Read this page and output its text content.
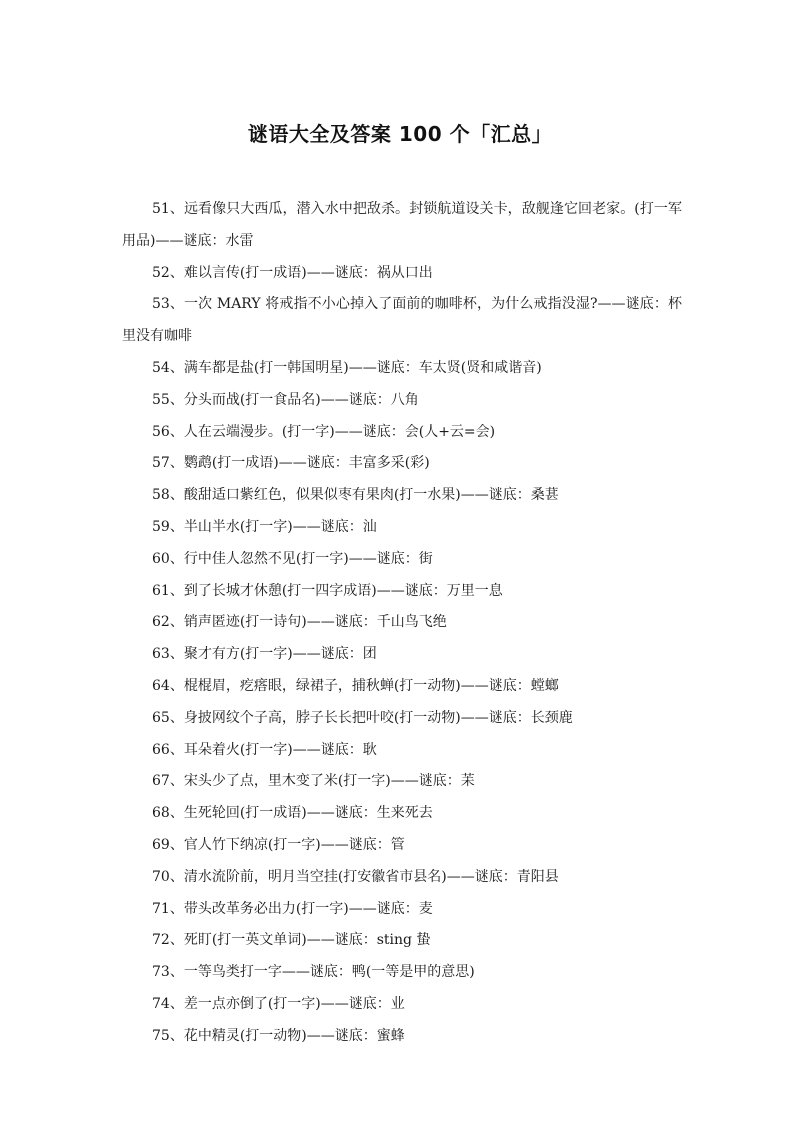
谜语大全及答案 100 个「汇总」

51、远看像只大西瓜，潜入水中把敌杀。封锁航道设关卡，敌舰逢它回老家。(打一军用品)——谜底：水雷

52、难以言传(打一成语)——谜底：祸从口出

53、一次 MARY 将戒指不小心掉入了面前的咖啡杯，为什么戒指没湿?——谜底：杯里没有咖啡

54、满车都是盐(打一韩国明星)——谜底：车太贤(贤和咸谐音)

55、分头而战(打一食品名)——谜底：八角

56、人在云端漫步。(打一字)——谜底：会(人+云=会)

57、鹦鹉(打一成语)——谜底：丰富多采(彩)

58、酸甜适口紫红色，似果似枣有果肉(打一水果)——谜底：桑葚

59、半山半水(打一字)——谜底：汕

60、行中佳人忽然不见(打一字)——谜底：街

61、到了长城才休憩(打一四字成语)——谜底：万里一息

62、销声匿迹(打一诗句)——谜底：千山鸟飞绝

63、聚才有方(打一字)——谜底：团

64、棍棍眉，疙瘩眼，绿裙子，捕秋蝉(打一动物)——谜底：螳螂

65、身披网纹个子高，脖子长长把叶咬(打一动物)——谜底：长颈鹿

66、耳朵着火(打一字)——谜底：耿

67、宋头少了点，里木变了米(打一字)——谜底：苿

68、生死轮回(打一成语)——谜底：生来死去

69、官人竹下纳凉(打一字)——谜底：管

70、清水流阶前，明月当空挂(打安徽省市县名)——谜底：青阳县

71、带头改革务必出力(打一字)——谜底：麦

72、死盯(打一英文单词)——谜底：sting 蛰

73、一等鸟类打一字——谜底：鸭(一等是甲的意思)

74、差一点亦倒了(打一字)——谜底：业

75、花中精灵(打一动物)——谜底：蜜蜂
